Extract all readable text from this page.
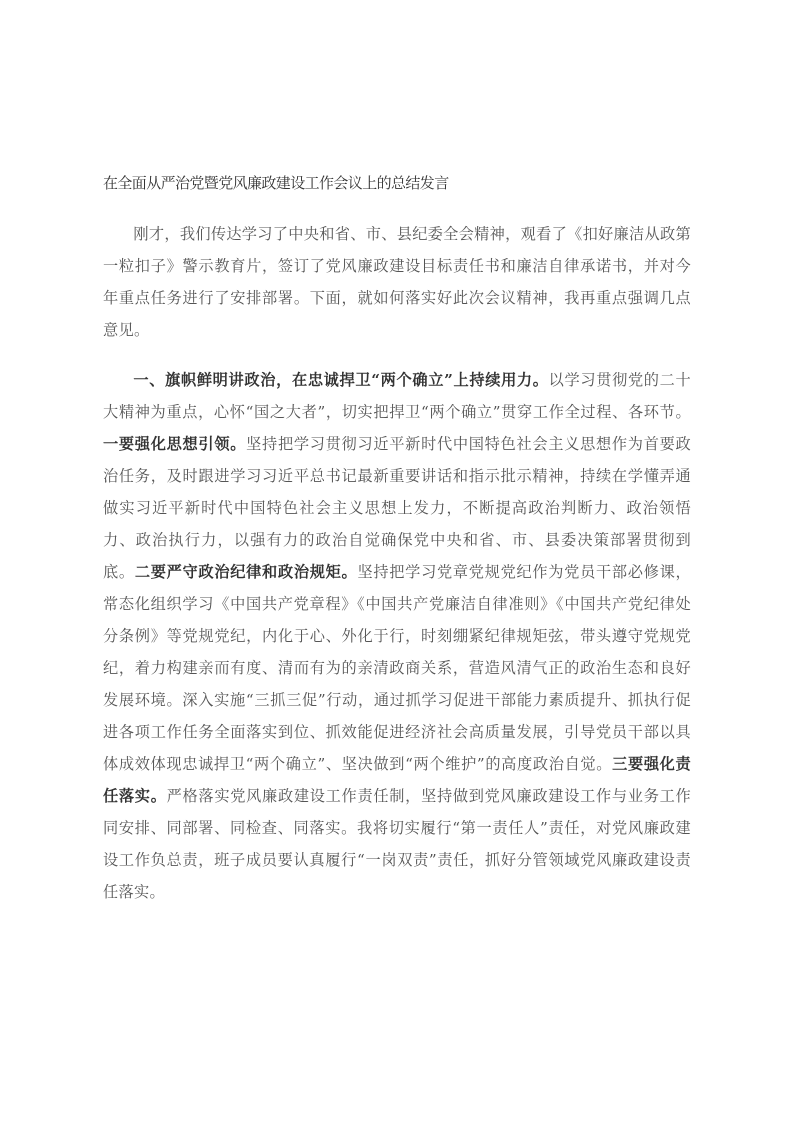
在全面从严治党暨党风廉政建设工作会议上的总结发言

刚才，我们传达学习了中央和省、市、县纪委全会精神，观看了《扣好廉洁从政第一粒扣子》警示教育片，签订了党风廉政建设目标责任书和廉洁自律承诺书，并对今年重点任务进行了安排部署。下面，就如何落实好此次会议精神，我再重点强调几点意见。

一、旗帜鲜明讲政治，在忠诚捍卫“两个确立”上持续用力。以学习贯彻党的二十大精神为重点，心怀“国之大者”，切实把捍卫“两个确立”贯穿工作全过程、各环节。一要强化思想引领。坚持把学习贯彻习近平新时代中国特色社会主义思想作为首要政治任务，及时跟进学习习近平总书记最新重要讲话和指示批示精神，持续在学懂弄通做实习近平新时代中国特色社会主义思想上发力，不断提高政治判断力、政治领悟力、政治执行力，以强有力的政治自觉确保党中央和省、市、县委决策部署贯彻到底。二要严守政治纪律和政治规矩。坚持把学习党章党规党纪作为党员干部必修课，常态化组织学习《中国共产党章程》《中国共产党廉洁自律准则》《中国共产党纪律处分条例》等党规党纪，内化于心、外化于行，时刻绷紧纪律规矩弦，带头遵守党规党纪，着力构建亲而有度、清而有为的亲清政商关系，营造风清气正的政治生态和良好发展环境。深入实施“三抓三促”行动，通过抓学习促进干部能力素质提升、抓执行促进各项工作任务全面落实到位、抓效能促进经济社会高质量发展，引导党员干部以具体成效体现忠诚捍卫“两个确立”、坚决做到“两个维护”的高度政治自觉。三要强化责任落实。严格落实党风廉政建设工作责任制，坚持做到党风廉政建设工作与业务工作同安排、同部署、同检查、同落实。我将切实履行“第一责任人”责任，对党风廉政建设工作负总责，班子成员要认真履行“一岗双责”责任，抓好分管领域党风廉政建设责任落实。
